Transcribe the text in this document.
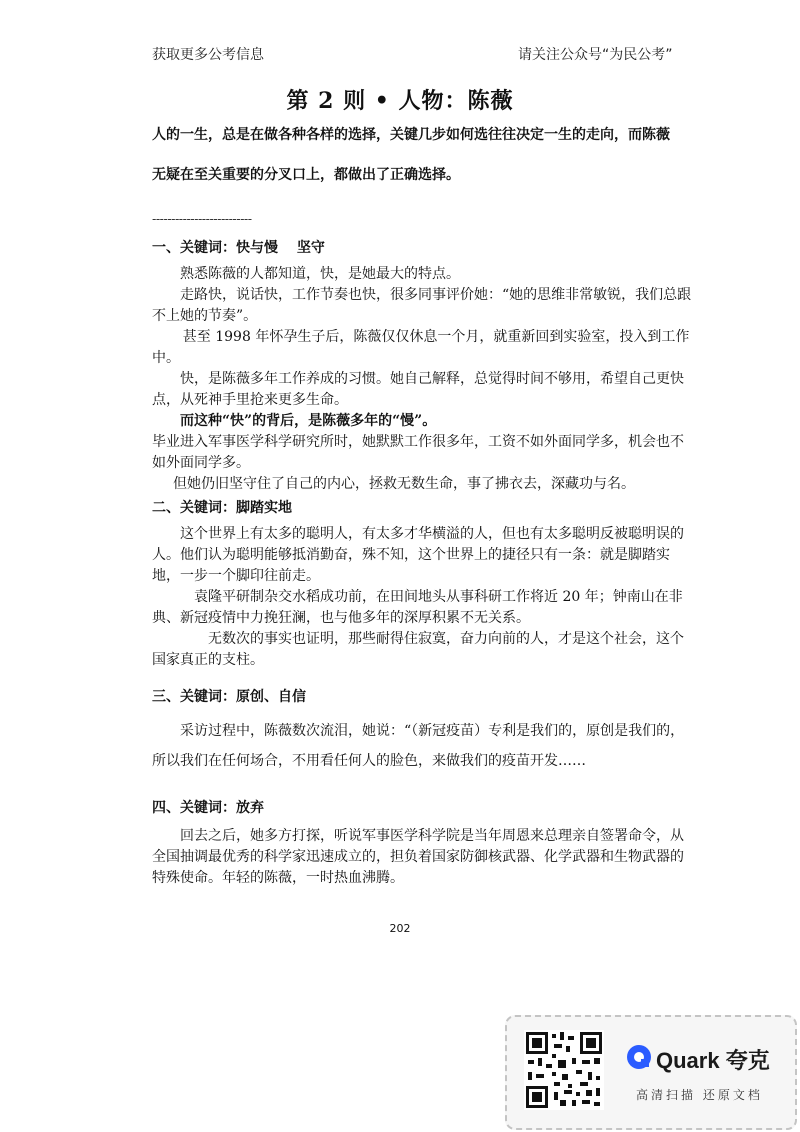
获取更多公考信息	请关注公众号“为民公考”
第 2 则 • 人物：陈薇
人的一生，总是在做各种各样的选择，关键几步如何选往往决定一生的走向，而陈薇
无疑在至关重要的分叉口上，都做出了正确选择。
--------------------------
一、关键词：快与慢　 坚守

熟悉陈薇的人都知道，快，是她最大的特点。

走路快，说话快，工作节奏也快，很多同事评价她：“她的思维非常敏锐，我们总跟不上她的节奏”。

甚至 1998 年怀孕生子后，陈薇仅仅休息一个月，就重新回到实验室，投入到工作中。

快，是陈薇多年工作养成的习惯。她自己解释，总觉得时间不够用，希望自己更快点，从死神手里抢来更多生命。

而这种“快”的背后，是陈薇多年的“慢”。

毕业进入军事医学科学研究所时，她默默工作很多年，工资不如外面同学多，机会也不如外面同学多。

但她仍旧坚守住了自己的内心，拯救无数生命，事了拂衣去，深藏功与名。

二、关键词：脚踏实地

这个世界上有太多的聪明人，有太多才华横溢的人，但也有太多聪明反被聪明误的人。他们认为聪明能够抵消勤奋，殊不知，这个世界上的捷径只有一条：就是脚踏实地，一步一个脚印往前走。

袁隆平研制杂交水稻成功前，在田间地头从事科研工作将近 20 年；钟南山在非典、新冠疫情中力挽狂澜，也与他多年的深厚积累不无关系。

无数次的事实也证明，那些耐得住寂寞，奋力向前的人，才是这个社会，这个国家真正的支柱。

三、关键词：原创、自信

采访过程中，陈薇数次流泪，她说：“（新冠疫苗）专利是我们的，原创是我们的，所以我们在任何场合，不用看任何人的脸色，来做我们的疫苗开发……

四、关键词：放弃

回去之后，她多方打探，听说军事医学科学院是当年周恩来总理亲自签署命令，从全国抽调最优秀的科学家迅速成立的，担负着国家防御核武器、化学武器和生物武器的特殊使命。年轻的陈薇，一时热血沸腾。

202
Quark 夸克
高清扫描 还原文档
